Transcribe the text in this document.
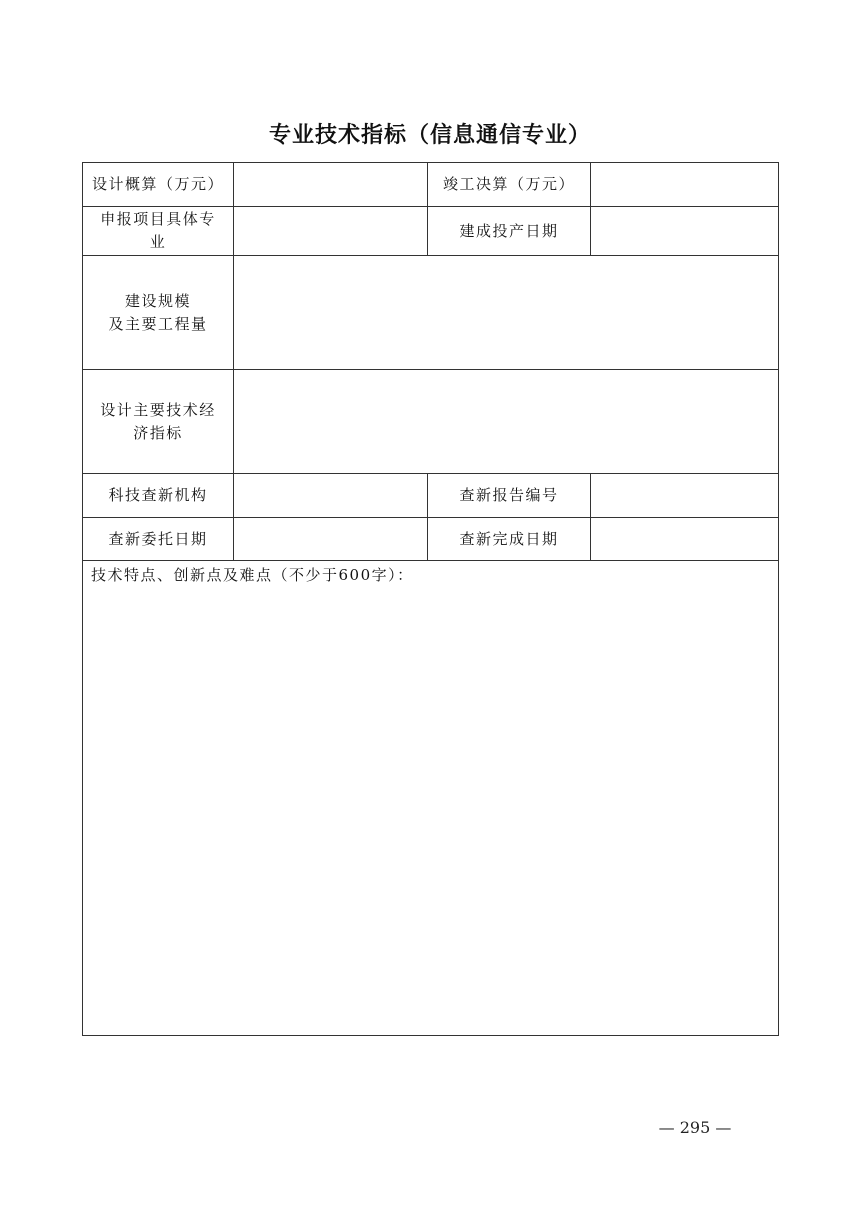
专业技术指标（信息通信专业）
设计概算（万元）		竣工决算（万元）	
申报项目具体专业		建成投产日期	
建设规模
及主要工程量			
设计主要技术经济指标			
科技查新机构		查新报告编号	
查新委托日期		查新完成日期	

技术特点、创新点及难点（不少于600字）：			
— 295 —
